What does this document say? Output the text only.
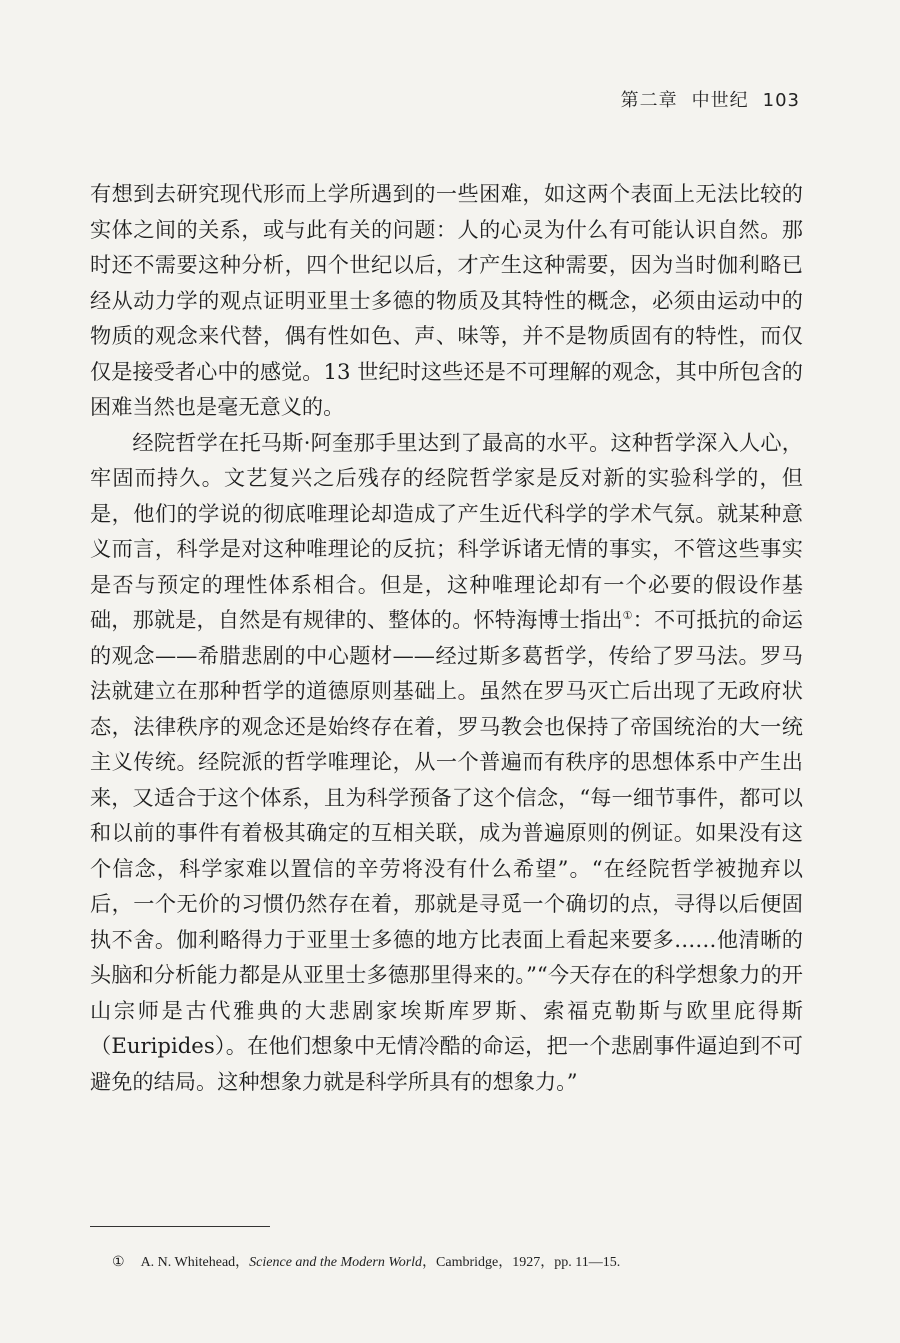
第二章 中世纪 103

有想到去研究现代形而上学所遇到的一些困难，如这两个表面上无法比较的实体之间的关系，或与此有关的问题：人的心灵为什么有可能认识自然。那时还不需要这种分析，四个世纪以后，才产生这种需要，因为当时伽利略已经从动力学的观点证明亚里士多德的物质及其特性的概念，必须由运动中的物质的观念来代替，偶有性如色、声、味等，并不是物质固有的特性，而仅仅是接受者心中的感觉。13 世纪时这些还是不可理解的观念，其中所包含的困难当然也是毫无意义的。

经院哲学在托马斯·阿奎那手里达到了最高的水平。这种哲学深入人心，牢固而持久。文艺复兴之后残存的经院哲学家是反对新的实验科学的，但是，他们的学说的彻底唯理论却造成了产生近代科学的学术气氛。就某种意义而言，科学是对这种唯理论的反抗；科学诉诸无情的事实，不管这些事实是否与预定的理性体系相合。但是，这种唯理论却有一个必要的假设作基础，那就是，自然是有规律的、整体的。怀特海博士指出①：不可抵抗的命运的观念——希腊悲剧的中心题材——经过斯多葛哲学，传给了罗马法。罗马法就建立在那种哲学的道德原则基础上。虽然在罗马灭亡后出现了无政府状态，法律秩序的观念还是始终存在着，罗马教会也保持了帝国统治的大一统主义传统。经院派的哲学唯理论，从一个普遍而有秩序的思想体系中产生出来，又适合于这个体系，且为科学预备了这个信念，“每一细节事件，都可以和以前的事件有着极其确定的互相关联，成为普遍原则的例证。如果没有这个信念，科学家难以置信的辛劳将没有什么希望”。“在经院哲学被抛弃以后，一个无价的习惯仍然存在着，那就是寻觅一个确切的点，寻得以后便固执不舍。伽利略得力于亚里士多德的地方比表面上看起来要多……他清晰的头脑和分析能力都是从亚里士多德那里得来的。”“今天存在的科学想象力的开山宗师是古代雅典的大悲剧家埃斯库罗斯、索福克勒斯与欧里庇得斯（Euripides）。在他们想象中无情冷酷的命运，把一个悲剧事件逼迫到不可避免的结局。这种想象力就是科学所具有的想象力。”

① A. N. Whitehead，Science and the Modern World，Cambridge，1927，pp. 11—15.
